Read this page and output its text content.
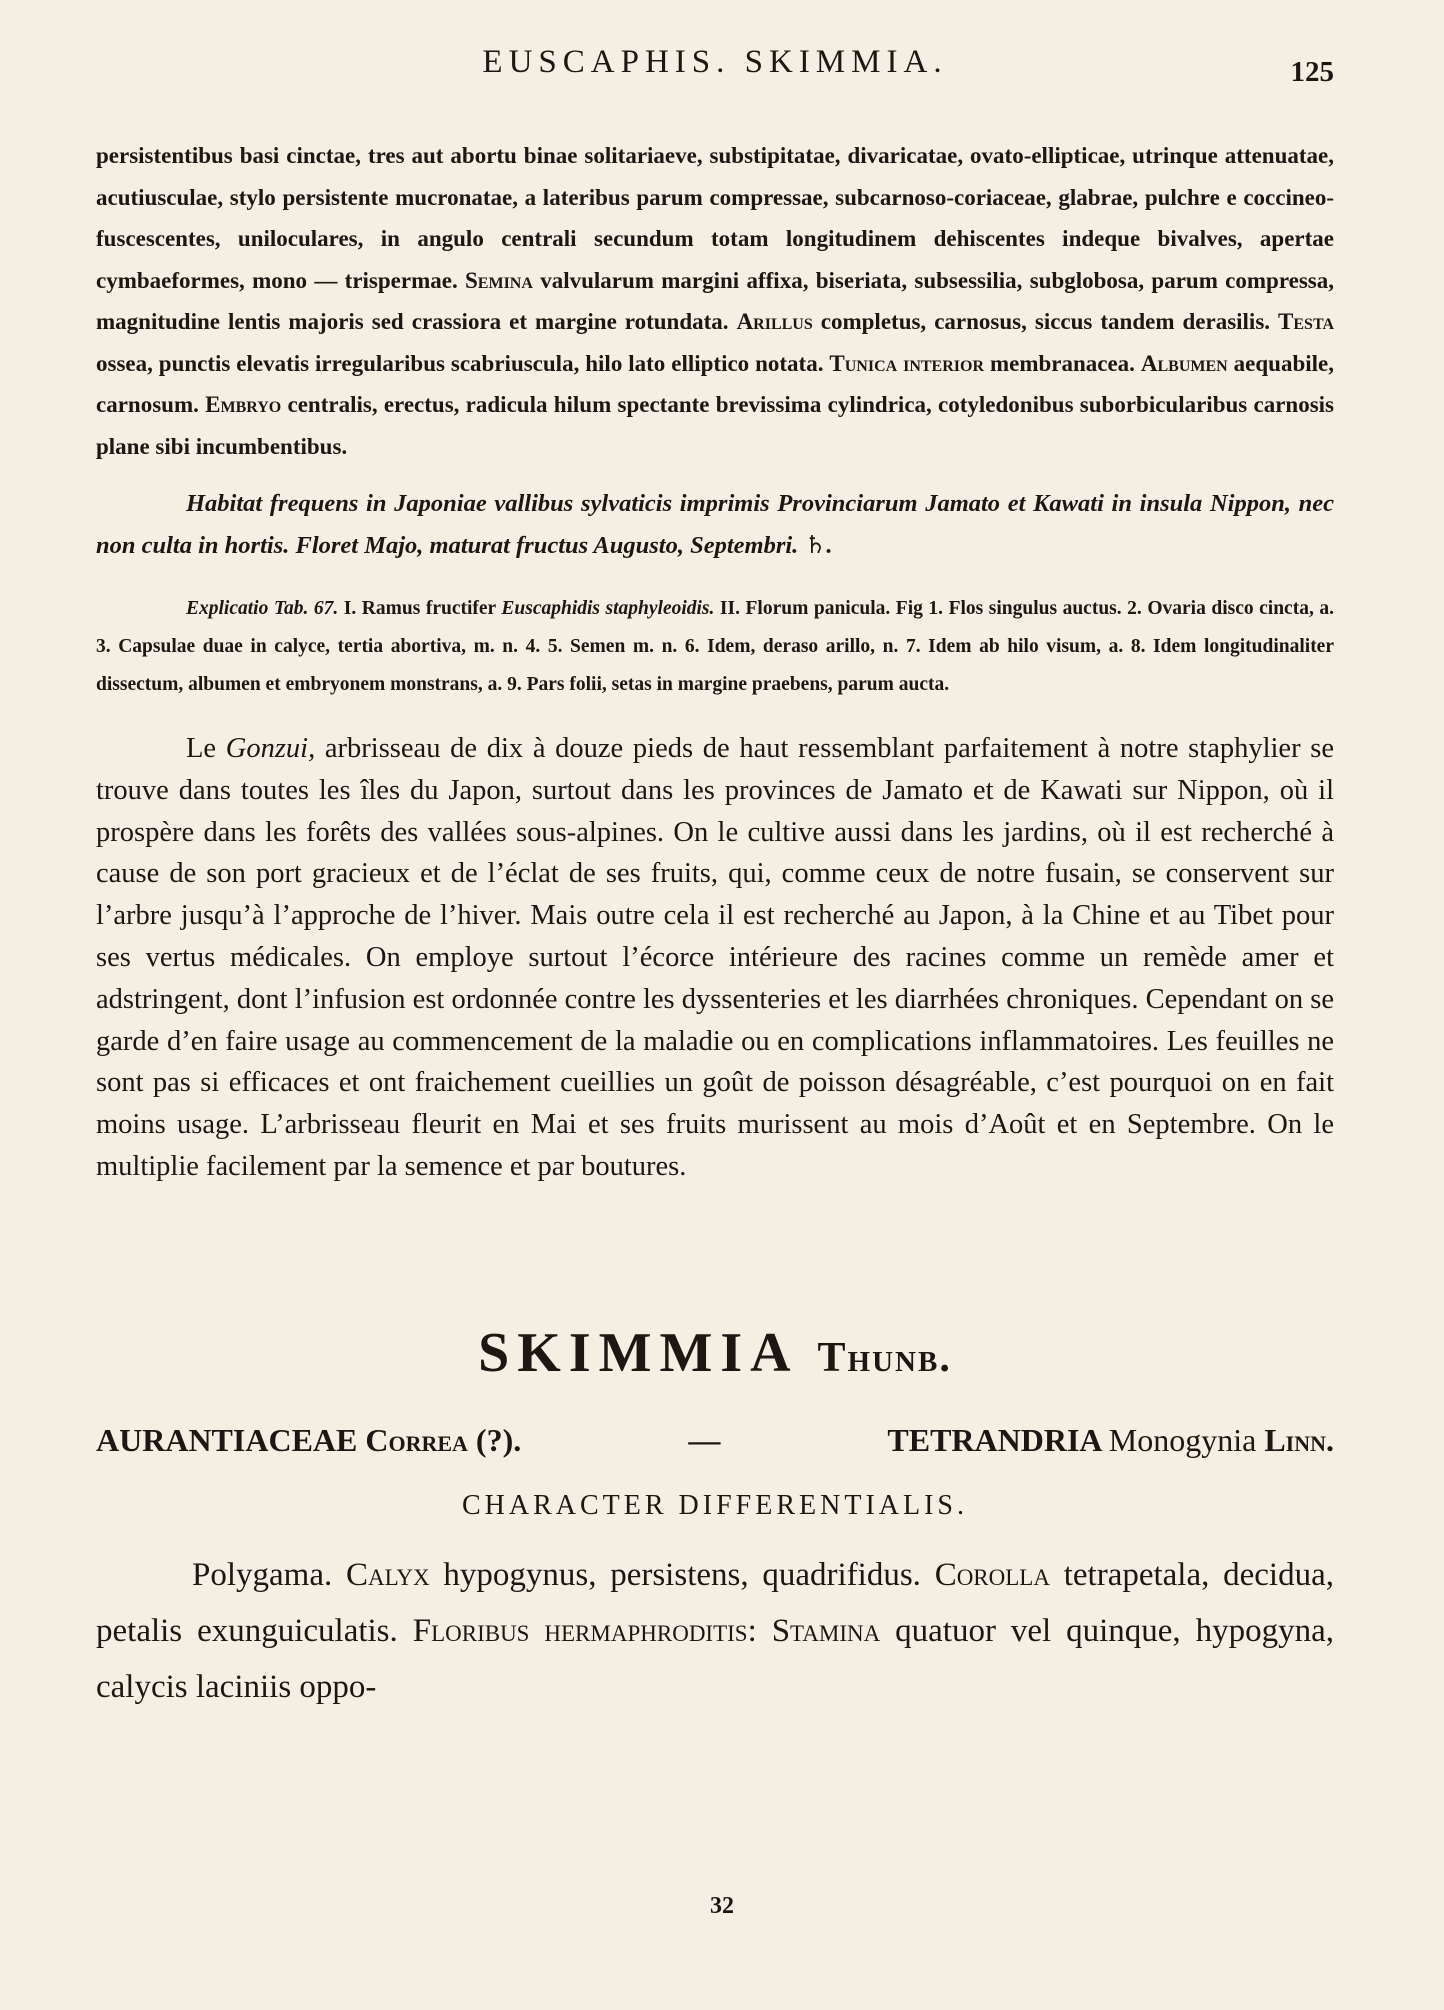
EUSCAPHIS. SKIMMIA.	125

persistentibus basi cinctae, tres aut abortu binae solitariaeve, substipitatae, divaricatae, ovato-ellipticae, utrinque attenuatae, acutiusculae, stylo persistente mucronatae, a lateribus parum compressae, subcarnoso-coriaceae, glabrae, pulchre e coccineo-fuscescentes, uniloculares, in angulo centrali secundum totam longitudinem dehiscentes indeque bivalves, apertae cymbaeformes, mono — trispermae. Semina valvularum margini affixa, biseriata, subsessilia, subglobosa, parum compressa, magnitudine lentis majoris sed crassiora et margine rotundata. Arillus completus, carnosus, siccus tandem derasilis. Testa ossea, punctis elevatis irregularibus scabriuscula, hilo lato elliptico notata. Tunica interior membranacea. Albumen aequabile, carnosum. Embryo centralis, erectus, radicula hilum spectante brevissima cylindrica, cotyledonibus suborbicularibus carnosis plane sibi incumbentibus.

Habitat frequens in Japoniae vallibus sylvaticis imprimis Provinciarum Jamato et Kawati in insula Nippon, nec non culta in hortis. Floret Majo, maturat fructus Augusto, Septembri. ♄.

Explicatio Tab. 67. I. Ramus fructifer Euscaphidis staphyleoidis. II. Florum panicula. Fig 1. Flos singulus auctus. 2. Ovaria disco cincta, a. 3. Capsulae duae in calyce, tertia abortiva, m. n. 4. 5. Semen m. n. 6. Idem, deraso arillo, n. 7. Idem ab hilo visum, a. 8. Idem longitudinaliter dissectum, albumen et embryonem monstrans, a. 9. Pars folii, setas in margine praebens, parum aucta.

Le Gonzui, arbrisseau de dix à douze pieds de haut ressemblant parfaitement à notre staphylier se trouve dans toutes les îles du Japon, surtout dans les provinces de Jamato et de Kawati sur Nippon, où il prospère dans les forêts des vallées sous-alpines. On le cultive aussi dans les jardins, où il est recherché à cause de son port gracieux et de l’éclat de ses fruits, qui, comme ceux de notre fusain, se conservent sur l’arbre jusqu’à l’approche de l’hiver. Mais outre cela il est recherché au Japon, à la Chine et au Tibet pour ses vertus médicales. On employe surtout l’écorce intérieure des racines comme un remède amer et adstringent, dont l’infusion est ordonnée contre les dyssenteries et les diarrhées chroniques. Cependant on se garde d’en faire usage au commencement de la maladie ou en complications inflammatoires. Les feuilles ne sont pas si efficaces et ont fraichement cueillies un goût de poisson désagréable, c’est pourquoi on en fait moins usage. L’arbrisseau fleurit en Mai et ses fruits murissent au mois d’Août et en Septembre. On le multiplie facilement par la semence et par boutures.

SKIMMIA Thunb.
AURANTIACEAE Correa (?).	—	TETRANDRIA Monogynia Linn.
CHARACTER DIFFERENTIALIS.

Polygama. Calyx hypogynus, persistens, quadrifidus. Corolla tetrapetala, decidua, petalis exunguiculatis. Floribus hermaphroditis: Stamina quatuor vel quinque, hypogyna, calycis laciniis oppo-

32
